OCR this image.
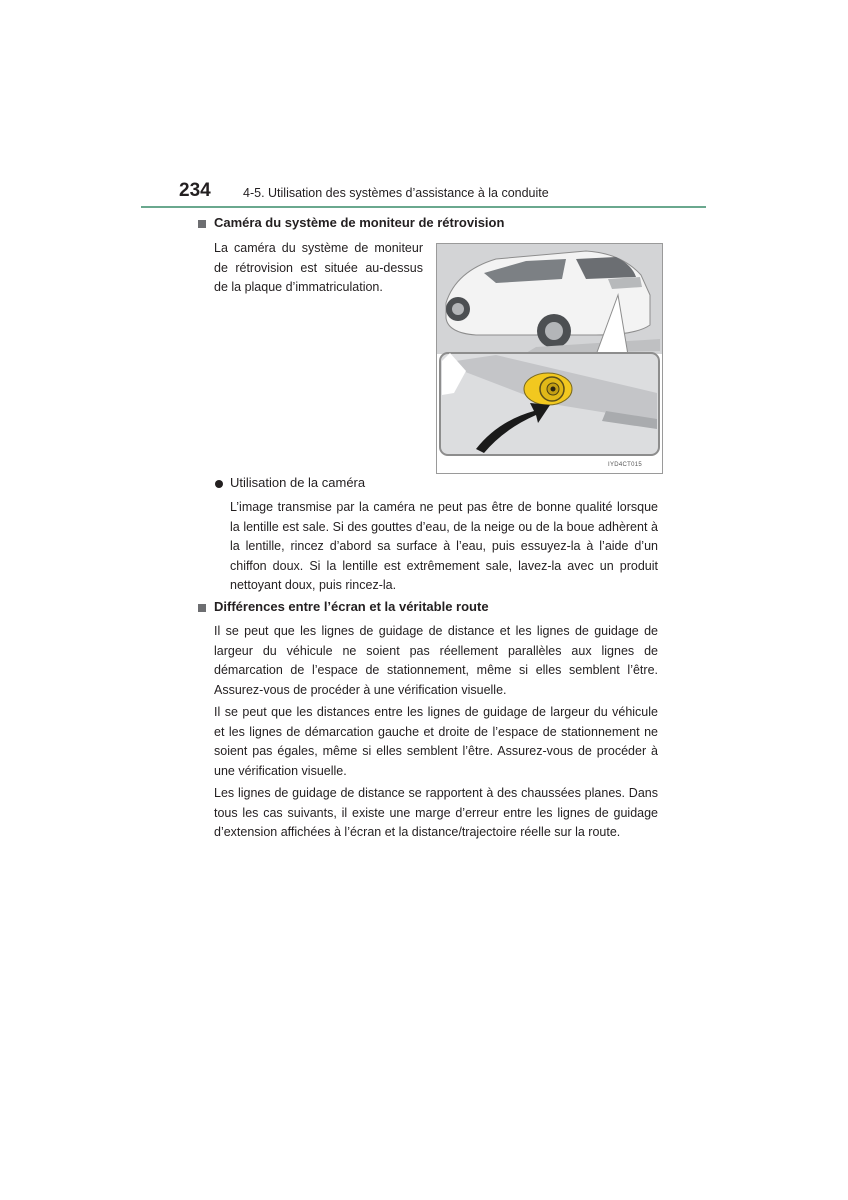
234	4-5. Utilisation des systèmes d’assistance à la conduite
Caméra du système de moniteur de rétrovision

La caméra du système de moniteur de rétrovision est située au-dessus de la plaque d’immatriculation.

IYD4CT015
Utilisation de la caméra

L’image transmise par la caméra ne peut pas être de bonne qualité lorsque la lentille est sale. Si des gouttes d’eau, de la neige ou de la boue adhèrent à la lentille, rincez d’abord sa surface à l’eau, puis essuyez-la à l’aide d’un chiffon doux. Si la lentille est extrêmement sale, lavez-la avec un produit nettoyant doux, puis rincez-la.

Différences entre l’écran et la véritable route

Il se peut que les lignes de guidage de distance et les lignes de guidage de largeur du véhicule ne soient pas réellement parallèles aux lignes de démarcation de l’espace de stationnement, même si elles semblent l’être. Assurez-vous de procéder à une vérification visuelle.

Il se peut que les distances entre les lignes de guidage de largeur du véhicule et les lignes de démarcation gauche et droite de l’espace de stationnement ne soient pas égales, même si elles semblent l’être. Assurez-vous de procéder à une vérification visuelle.

Les lignes de guidage de distance se rapportent à des chaussées planes. Dans tous les cas suivants, il existe une marge d’erreur entre les lignes de guidage d’extension affichées à l’écran et la distance/trajectoire réelle sur la route.
